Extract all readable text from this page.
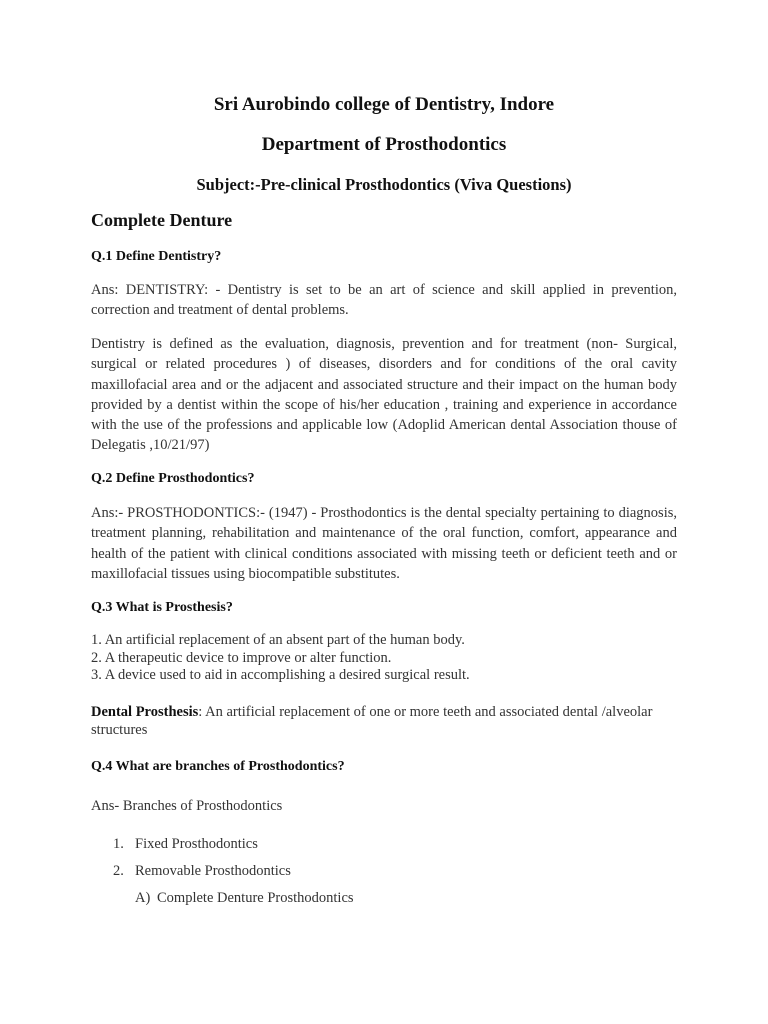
Sri Aurobindo college of Dentistry, Indore
Department of Prosthodontics
Subject:-Pre-clinical Prosthodontics (Viva Questions)
Complete Denture

Q.1 Define Dentistry?

Ans: DENTISTRY: - Dentistry is set to be an art of science and skill applied in prevention, correction and treatment of dental problems.

Dentistry is defined as the evaluation, diagnosis, prevention and for treatment (non- Surgical, surgical or related procedures ) of diseases, disorders and for conditions of the oral cavity maxillofacial area and or the adjacent and associated structure and their impact on the human body provided by a dentist within the scope of his/her education , training and experience in accordance with the use of the professions and applicable low (Adoplid American dental Association thouse of Delegatis ,10/21/97)

Q.2 Define Prosthodontics?

Ans:- PROSTHODONTICS:- (1947) - Prosthodontics is the dental specialty pertaining to diagnosis, treatment planning, rehabilitation and maintenance of the oral function, comfort, appearance and health of the patient with clinical conditions associated with missing teeth or deficient teeth and or maxillofacial tissues using biocompatible substitutes.

Q.3 What is Prosthesis?

1. An artificial replacement of an absent part of the human body.

2. A therapeutic device to improve or alter function.

3. A device used to aid in accomplishing a desired surgical result.

Dental Prosthesis: An artificial replacement of one or more teeth and associated dental /alveolar structures

Q.4 What are branches of Prosthodontics?

Ans- Branches of Prosthodontics

1. Fixed Prosthodontics

2. Removable Prosthodontics

A) Complete Denture Prosthodontics
